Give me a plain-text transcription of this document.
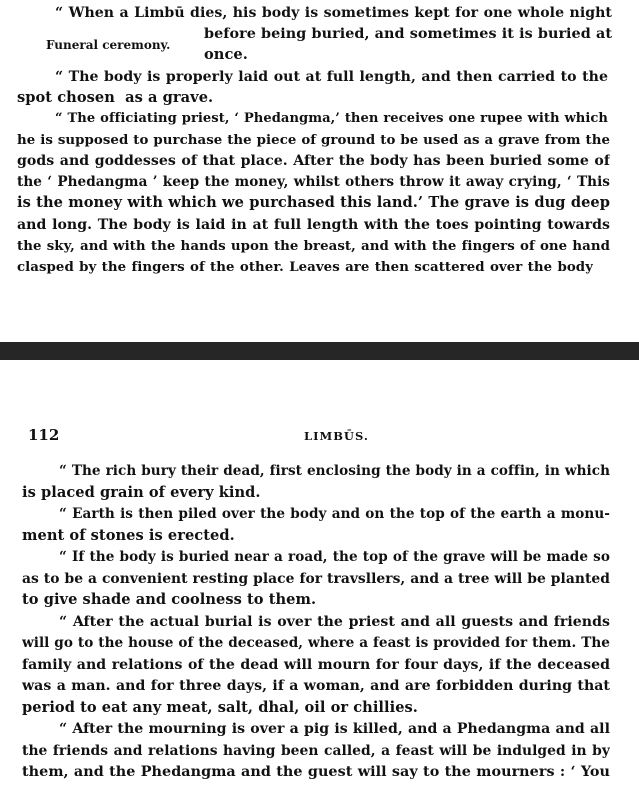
“ When a Limbū dies, his body is sometimes kept for one whole night
before being buried, and sometimes it is buried at
once.
Funeral ceremony.
“ The body is properly laid out at full length, and then carried to the
spot chosen  as a grave.
“ The officiating priest, ‘ Phedangma,’ then receives one rupee with which
he is supposed to purchase the piece of ground to be used as a grave from the
gods and goddesses of that place. After the body has been buried some of
the ‘ Phedangma ’ keep the money, whilst others throw it away crying, ‘ This
is the money with which we purchased this land.’ The grave is dug deep
and long. The body is laid in at full length with the toes pointing towards
the sky, and with the hands upon the breast, and with the fingers of one hand
clasped by the fingers of the other. Leaves are then scattered over the body
112	LIMBŪS.
“ The rich bury their dead, first enclosing the body in a coffin, in which
is placed grain of every kind.
“ Earth is then piled over the body and on the top of the earth a monu-
ment of stones is erected.
“ If the body is buried near a road, the top of the grave will be made so
as to be a convenient resting place for travsllers, and a tree will be planted
to give shade and coolness to them.
“ After the actual burial is over the priest and all guests and friends
will go to the house of the deceased, where a feast is provided for them. The
family and relations of the dead will mourn for four days, if the deceased
was a man. and for three days, if a woman, and are forbidden during that
period to eat any meat, salt, dhal, oil or chillies.
“ After the mourning is over a pig is killed, and a Phedangma and all
the friends and relations having been called, a feast will be indulged in by
them, and the Phedangma and the guest will say to the mourners : ‘ You
